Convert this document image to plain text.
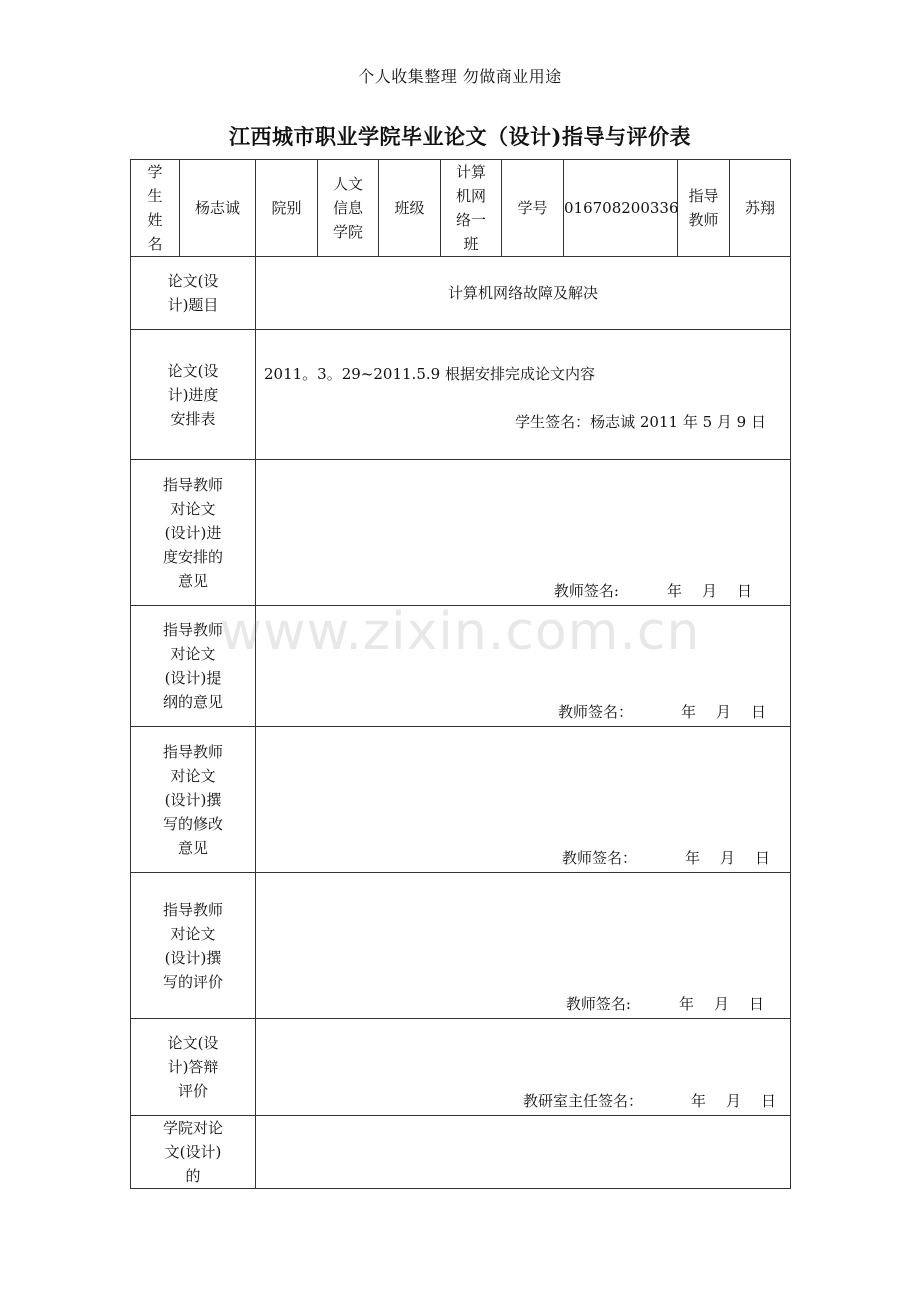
个人收集整理 勿做商业用途
江西城市职业学院毕业论文（设计)指导与评价表
学生姓名	杨志诚	院别	人文信息学院	班级	计算机网络一班	学号	016708200336	指导教师	苏翔

论文(设计)题目		计算机网络故障及解决							

论文(设计)进度安排表		2011。3。29~2011.5.9 根据安排完成论文内容
学生签名：杨志诚 2011 年 5 月 9 日							

指导教师对论文(设计)进度安排的意见		教师签名: 年 月 日							

指导教师对论文(设计)提纲的意见		教师签名： 年 月 日							

指导教师对论文(设计)撰写的修改意见		教师签名： 年 月 日							

指导教师对论文(设计)撰写的评价		教师签名: 年 月 日							

论文(设计)答辩评价		教研室主任签名： 年 月 日							

学院对论文(设计)的									

www.zixin.com.cn
